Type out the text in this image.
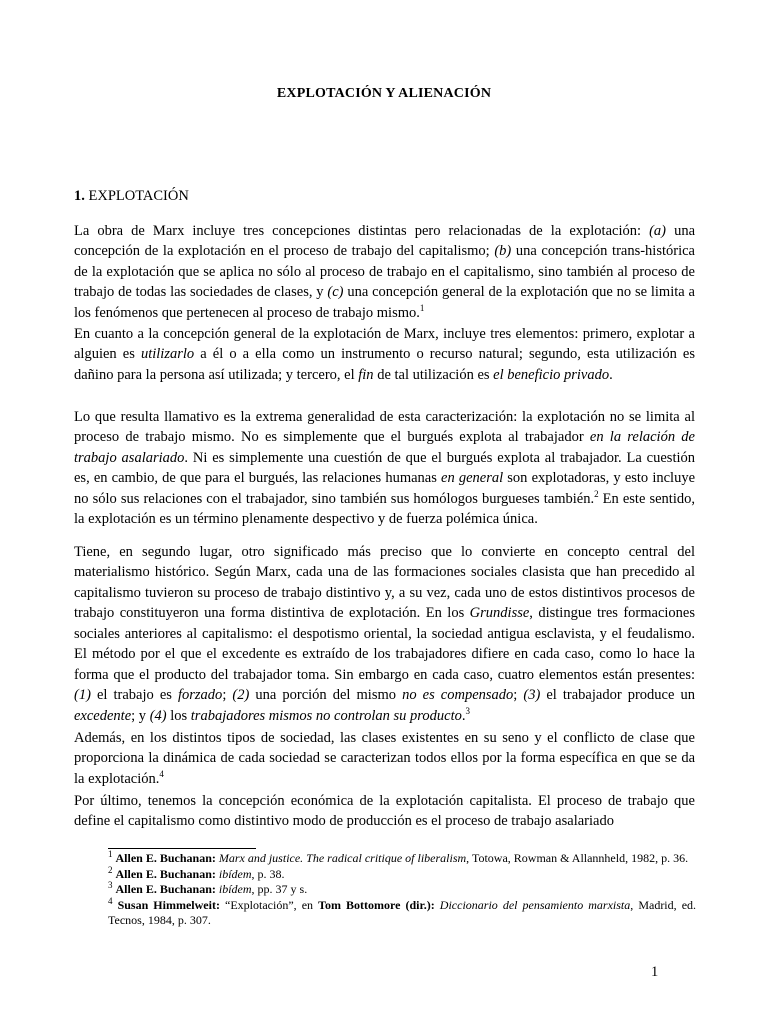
EXPLOTACIÓN Y ALIENACIÓN
1. EXPLOTACIÓN

La obra de Marx incluye tres concepciones distintas pero relacionadas de la explotación: (a) una concepción de la explotación en el proceso de trabajo del capitalismo; (b) una concepción trans-histórica de la explotación que se aplica no sólo al proceso de trabajo en el capitalismo, sino también al proceso de trabajo de todas las sociedades de clases, y (c) una concepción general de la explotación que no se limita a los fenómenos que pertenecen al proceso de trabajo mismo.$^1$

En cuanto a la concepción general de la explotación de Marx, incluye tres elementos: primero, explotar a alguien es utilizarlo a él o a ella como un instrumento o recurso natural; segundo, esta utilización es dañino para la persona así utilizada; y tercero, el fin de tal utilización es el beneficio privado.

Lo que resulta llamativo es la extrema generalidad de esta caracterización: la explotación no se limita al proceso de trabajo mismo. No es simplemente que el burgués explota al trabajador en la relación de trabajo asalariado. Ni es simplemente una cuestión de que el burgués explota al trabajador. La cuestión es, en cambio, de que para el burgués, las relaciones humanas en general son explotadoras, y esto incluye no sólo sus relaciones con el trabajador, sino también sus homólogos burgueses también.$^2$ En este sentido, la explotación es un término plenamente despectivo y de fuerza polémica única.

Tiene, en segundo lugar, otro significado más preciso que lo convierte en concepto central del materialismo histórico. Según Marx, cada una de las formaciones sociales clasista que han precedido al capitalismo tuvieron su proceso de trabajo distintivo y, a su vez, cada uno de estos distintivos procesos de trabajo constituyeron una forma distintiva de explotación. En los Grundisse, distingue tres formaciones sociales anteriores al capitalismo: el despotismo oriental, la sociedad antigua esclavista, y el feudalismo. El método por el que el excedente es extraído de los trabajadores difiere en cada caso, como lo hace la forma que el producto del trabajador toma. Sin embargo en cada caso, cuatro elementos están presentes: (1) el trabajo es forzado; (2) una porción del mismo no es compensado; (3) el trabajador produce un excedente; y (4) los trabajadores mismos no controlan su producto.$^3$

Además, en los distintos tipos de sociedad, las clases existentes en su seno y el conflicto de clase que proporciona la dinámica de cada sociedad se caracterizan todos ellos por la forma específica en que se da la explotación.$^4$

Por último, tenemos la concepción económica de la explotación capitalista. El proceso de trabajo que define el capitalismo como distintivo modo de producción es el proceso de trabajo asalariado

$^1$ Allen E. Buchanan: Marx and justice. The radical critique of liberalism, Totowa, Rowman & Allannheld, 1982, p. 36.
$^2$ Allen E. Buchanan: ibídem, p. 38.
$^3$ Allen E. Buchanan: ibídem, pp. 37 y s.
$^4$ Susan Himmelweit: “Explotación”, en Tom Bottomore (dir.): Diccionario del pensamiento marxista, Madrid, ed. Tecnos, 1984, p. 307.
1
